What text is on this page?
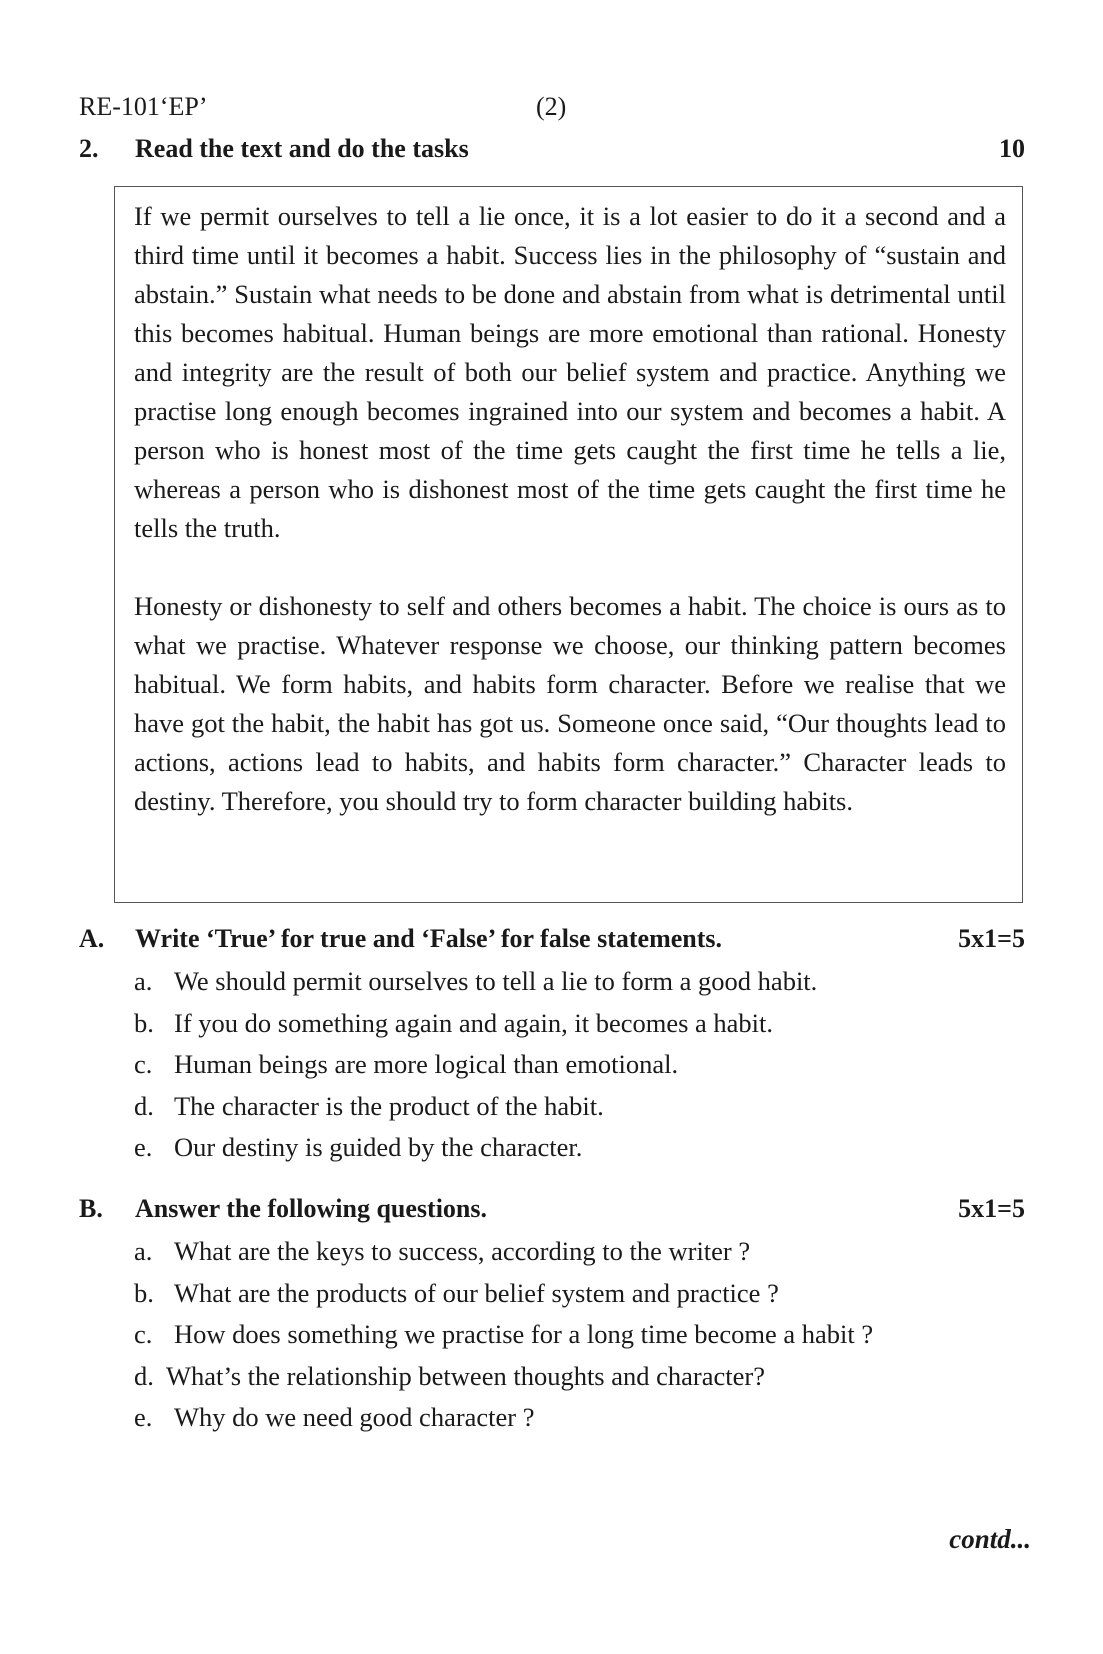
RE-101‘EP’	(2)
2. Read the text and do the tasks	10

If we permit ourselves to tell a lie once, it is a lot easier to do it a second and a third time until it becomes a habit. Success lies in the philosophy of “sustain and abstain.” Sustain what needs to be done and abstain from what is detrimental until this becomes habitual. Human beings are more emotional than rational. Honesty and integrity are the result of both our belief system and practice. Anything we practise long enough becomes ingrained into our system and becomes a habit. A person who is honest most of the time gets caught the first time he tells a lie, whereas a person who is dishonest most of the time gets caught the first time he tells the truth.

Honesty or dishonesty to self and others becomes a habit. The choice is ours as to what we practise. Whatever response we choose, our thinking pattern becomes habitual. We form habits, and habits form character. Before we realise that we have got the habit, the habit has got us. Someone once said, “Our thoughts lead to actions, actions lead to habits, and habits form character.” Character leads to destiny. Therefore, you should try to form character building habits.

A. Write ‘True’ for true and ‘False’ for false statements.	5x1=5
a. We should permit ourselves to tell a lie to form a good habit.
b. If you do something again and again, it becomes a habit.
c. Human beings are more logical than emotional.
d. The character is the product of the habit.
e. Our destiny is guided by the character.
B. Answer the following questions.	5x1=5
a. What are the keys to success, according to the writer ?
b. What are the products of our belief system and practice ?
c. How does something we practise for a long time become a habit ?
d. What’s the relationship between thoughts and character?
e. Why do we need good character ?
contd...
